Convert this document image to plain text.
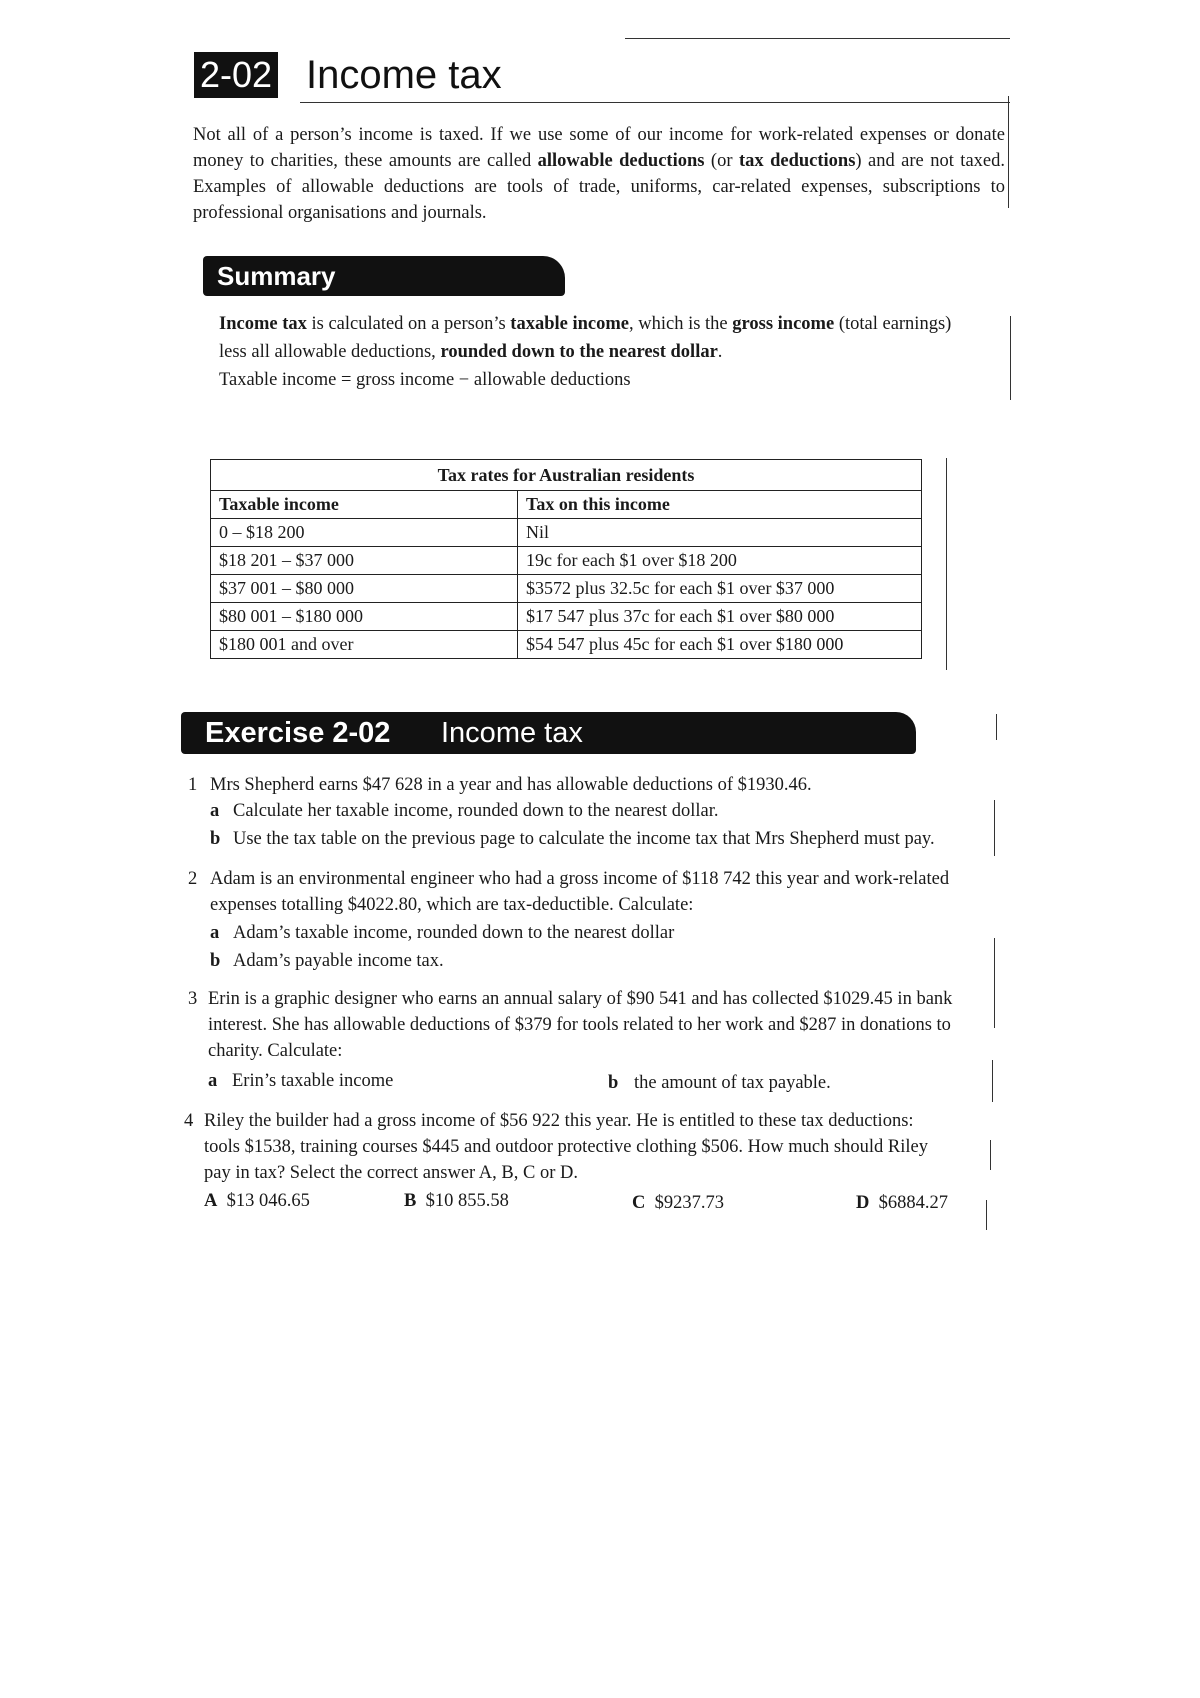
2-02 Income tax
Not all of a person’s income is taxed. If we use some of our income for work-related expenses or donate money to charities, these amounts are called allowable deductions (or tax deductions) and are not taxed. Examples of allowable deductions are tools of trade, uniforms, car-related expenses, subscriptions to professional organisations and journals.
Summary
Income tax is calculated on a person’s taxable income, which is the gross income (total earnings) less all allowable deductions, rounded down to the nearest dollar.
Taxable income = gross income − allowable deductions
Tax rates for Australian residents	
Taxable income	Tax on this income
0 – $18 200	Nil
$18 201 – $37 000	19c for each $1 over $18 200
$37 001 – $80 000	$3572 plus 32.5c for each $1 over $37 000
$80 001 – $180 000	$17 547 plus 37c for each $1 over $80 000
$180 001 and over	$54 547 plus 45c for each $1 over $180 000
Exercise 2-02 Income tax
1 Mrs Shepherd earns $47 628 in a year and has allowable deductions of $1930.46.
a Calculate her taxable income, rounded down to the nearest dollar.
b Use the tax table on the previous page to calculate the income tax that Mrs Shepherd must pay.
2 Adam is an environmental engineer who had a gross income of $118 742 this year and work-related expenses totalling $4022.80, which are tax-deductible. Calculate:
a Adam’s taxable income, rounded down to the nearest dollar
b Adam’s payable income tax.
3 Erin is a graphic designer who earns an annual salary of $90 541 and has collected $1029.45 in bank interest. She has allowable deductions of $379 for tools related to her work and $287 in donations to charity. Calculate:
a Erin’s taxable income	b the amount of tax payable.
4 Riley the builder had a gross income of $56 922 this year. He is entitled to these tax deductions: tools $1538, training courses $445 and outdoor protective clothing $506. How much should Riley pay in tax? Select the correct answer A, B, C or D.
A $13 046.65	B $10 855.58	C $9237.73	D $6884.27
